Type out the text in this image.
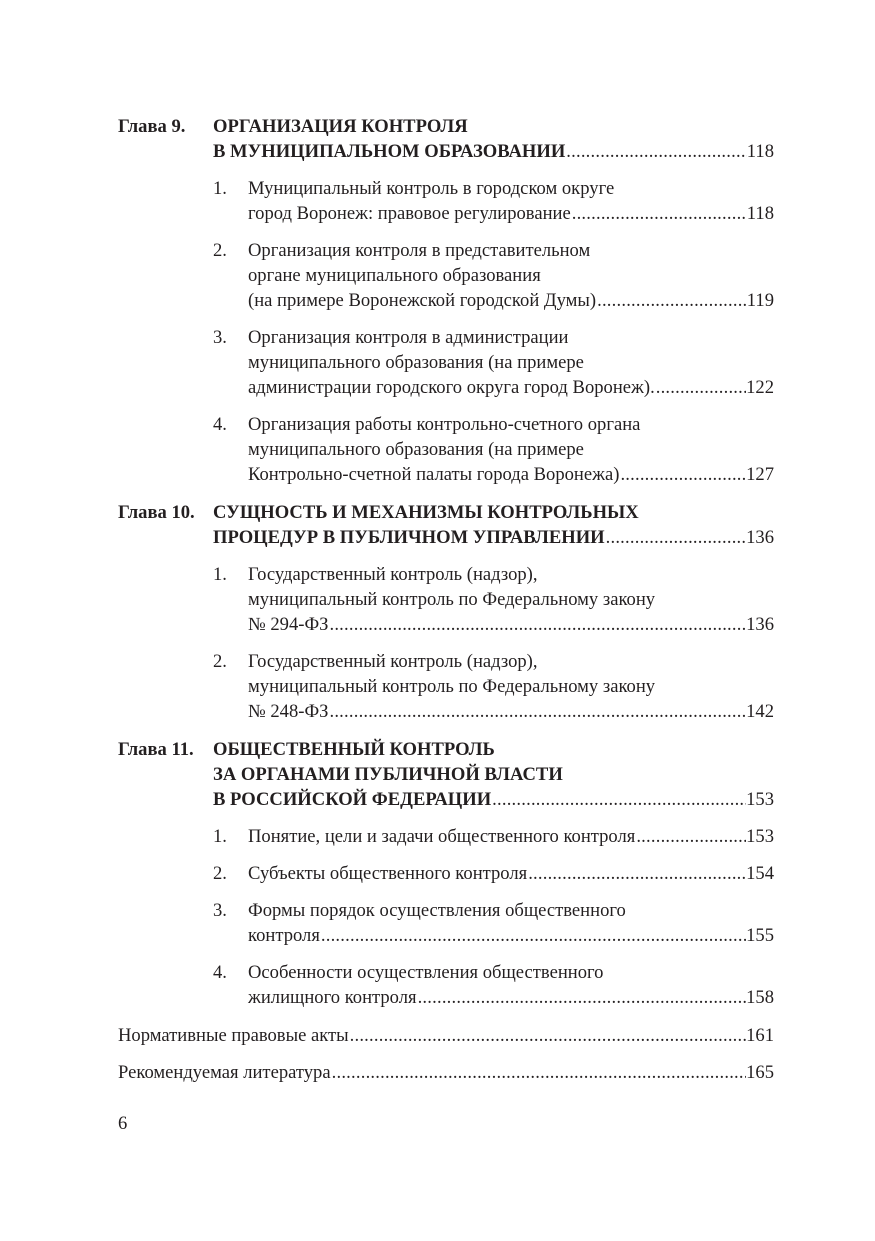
Глава 9.	ОРГАНИЗАЦИЯ КОНТРОЛЯ
В МУНИЦИПАЛЬНОМ ОБРАЗОВАНИИ .....	118
1.	Муниципальный контроль в городском округе
город Воронеж: правовое регулирование .....	118
2.	Организация контроля в представительном
органе муниципального образования
(на примере Воронежской городской Думы) .....	119
3.	Организация контроля в администрации
муниципального образования (на примере
администрации городского округа город Воронеж). .....	122
4.	Организация работы контрольно-счетного органа
муниципального образования (на примере
Контрольно-счетной палаты города Воронежа) .....	127
Глава 10. СУЩНОСТЬ И МЕХАНИЗМЫ КОНТРОЛЬНЫХ
ПРОЦЕДУР В ПУБЛИЧНОМ УПРАВЛЕНИИ .....	136
1.	Государственный контроль (надзор),
муниципальный контроль по Федеральному закону
№ 294-ФЗ .....	136
2.	Государственный контроль (надзор),
муниципальный контроль по Федеральному закону
№ 248-ФЗ .....	142
Глава 11.	ОБЩЕСТВЕННЫЙ КОНТРОЛЬ
ЗА ОРГАНАМИ ПУБЛИЧНОЙ ВЛАСТИ
В РОССИЙСКОЙ ФЕДЕРАЦИИ .....	153
1.	Понятие, цели и задачи общественного контроля .....	153
2.	Субъекты общественного контроля .....	154
3.	Формы порядок осуществления общественного
контроля .....	155
4.	Особенности осуществления общественного
жилищного контроля .....	158
Нормативные правовые акты .....	161
Рекомендуемая литература .....	165
6
